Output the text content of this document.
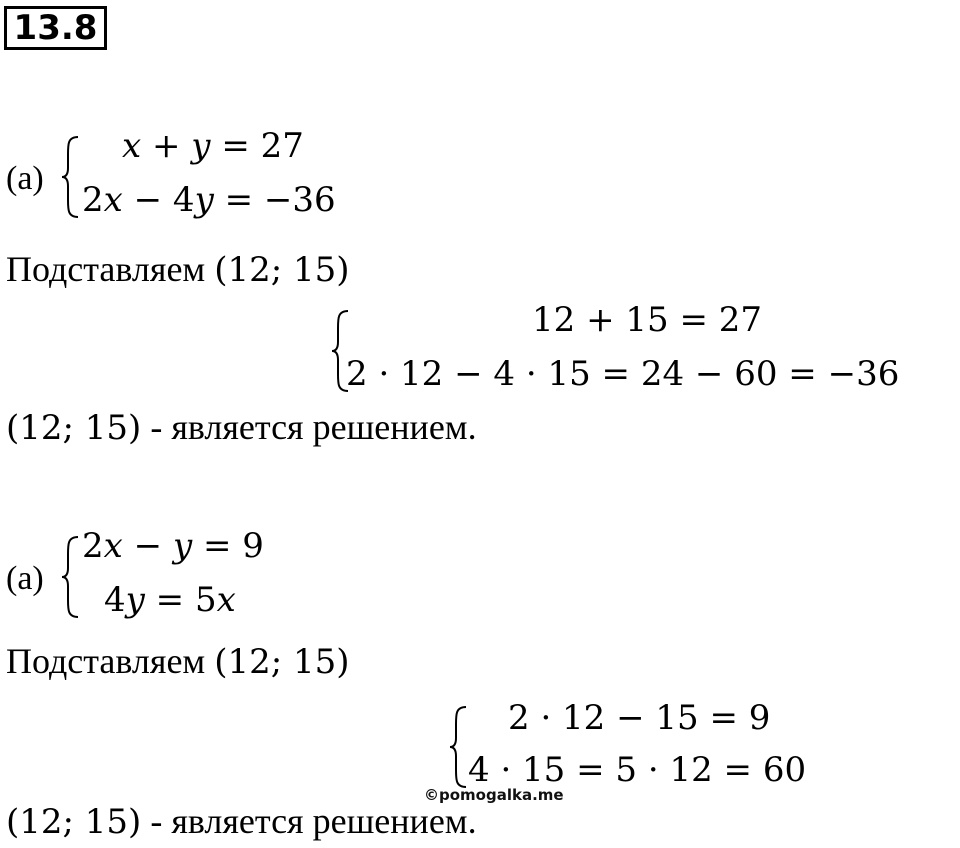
13.8
(а)
x + y = 27
2x − 4y = −36
Подставляем (12; 15)
12 + 15 = 27
2 · 12 − 4 · 15 = 24 − 60 = −36
(12; 15) - является решением.
(а)
2x − y = 9
4y = 5x
Подставляем (12; 15)
2 · 12 − 15 = 9
4 · 15 = 5 · 12 = 60
©pomogalka.me
(12; 15) - является решением.
